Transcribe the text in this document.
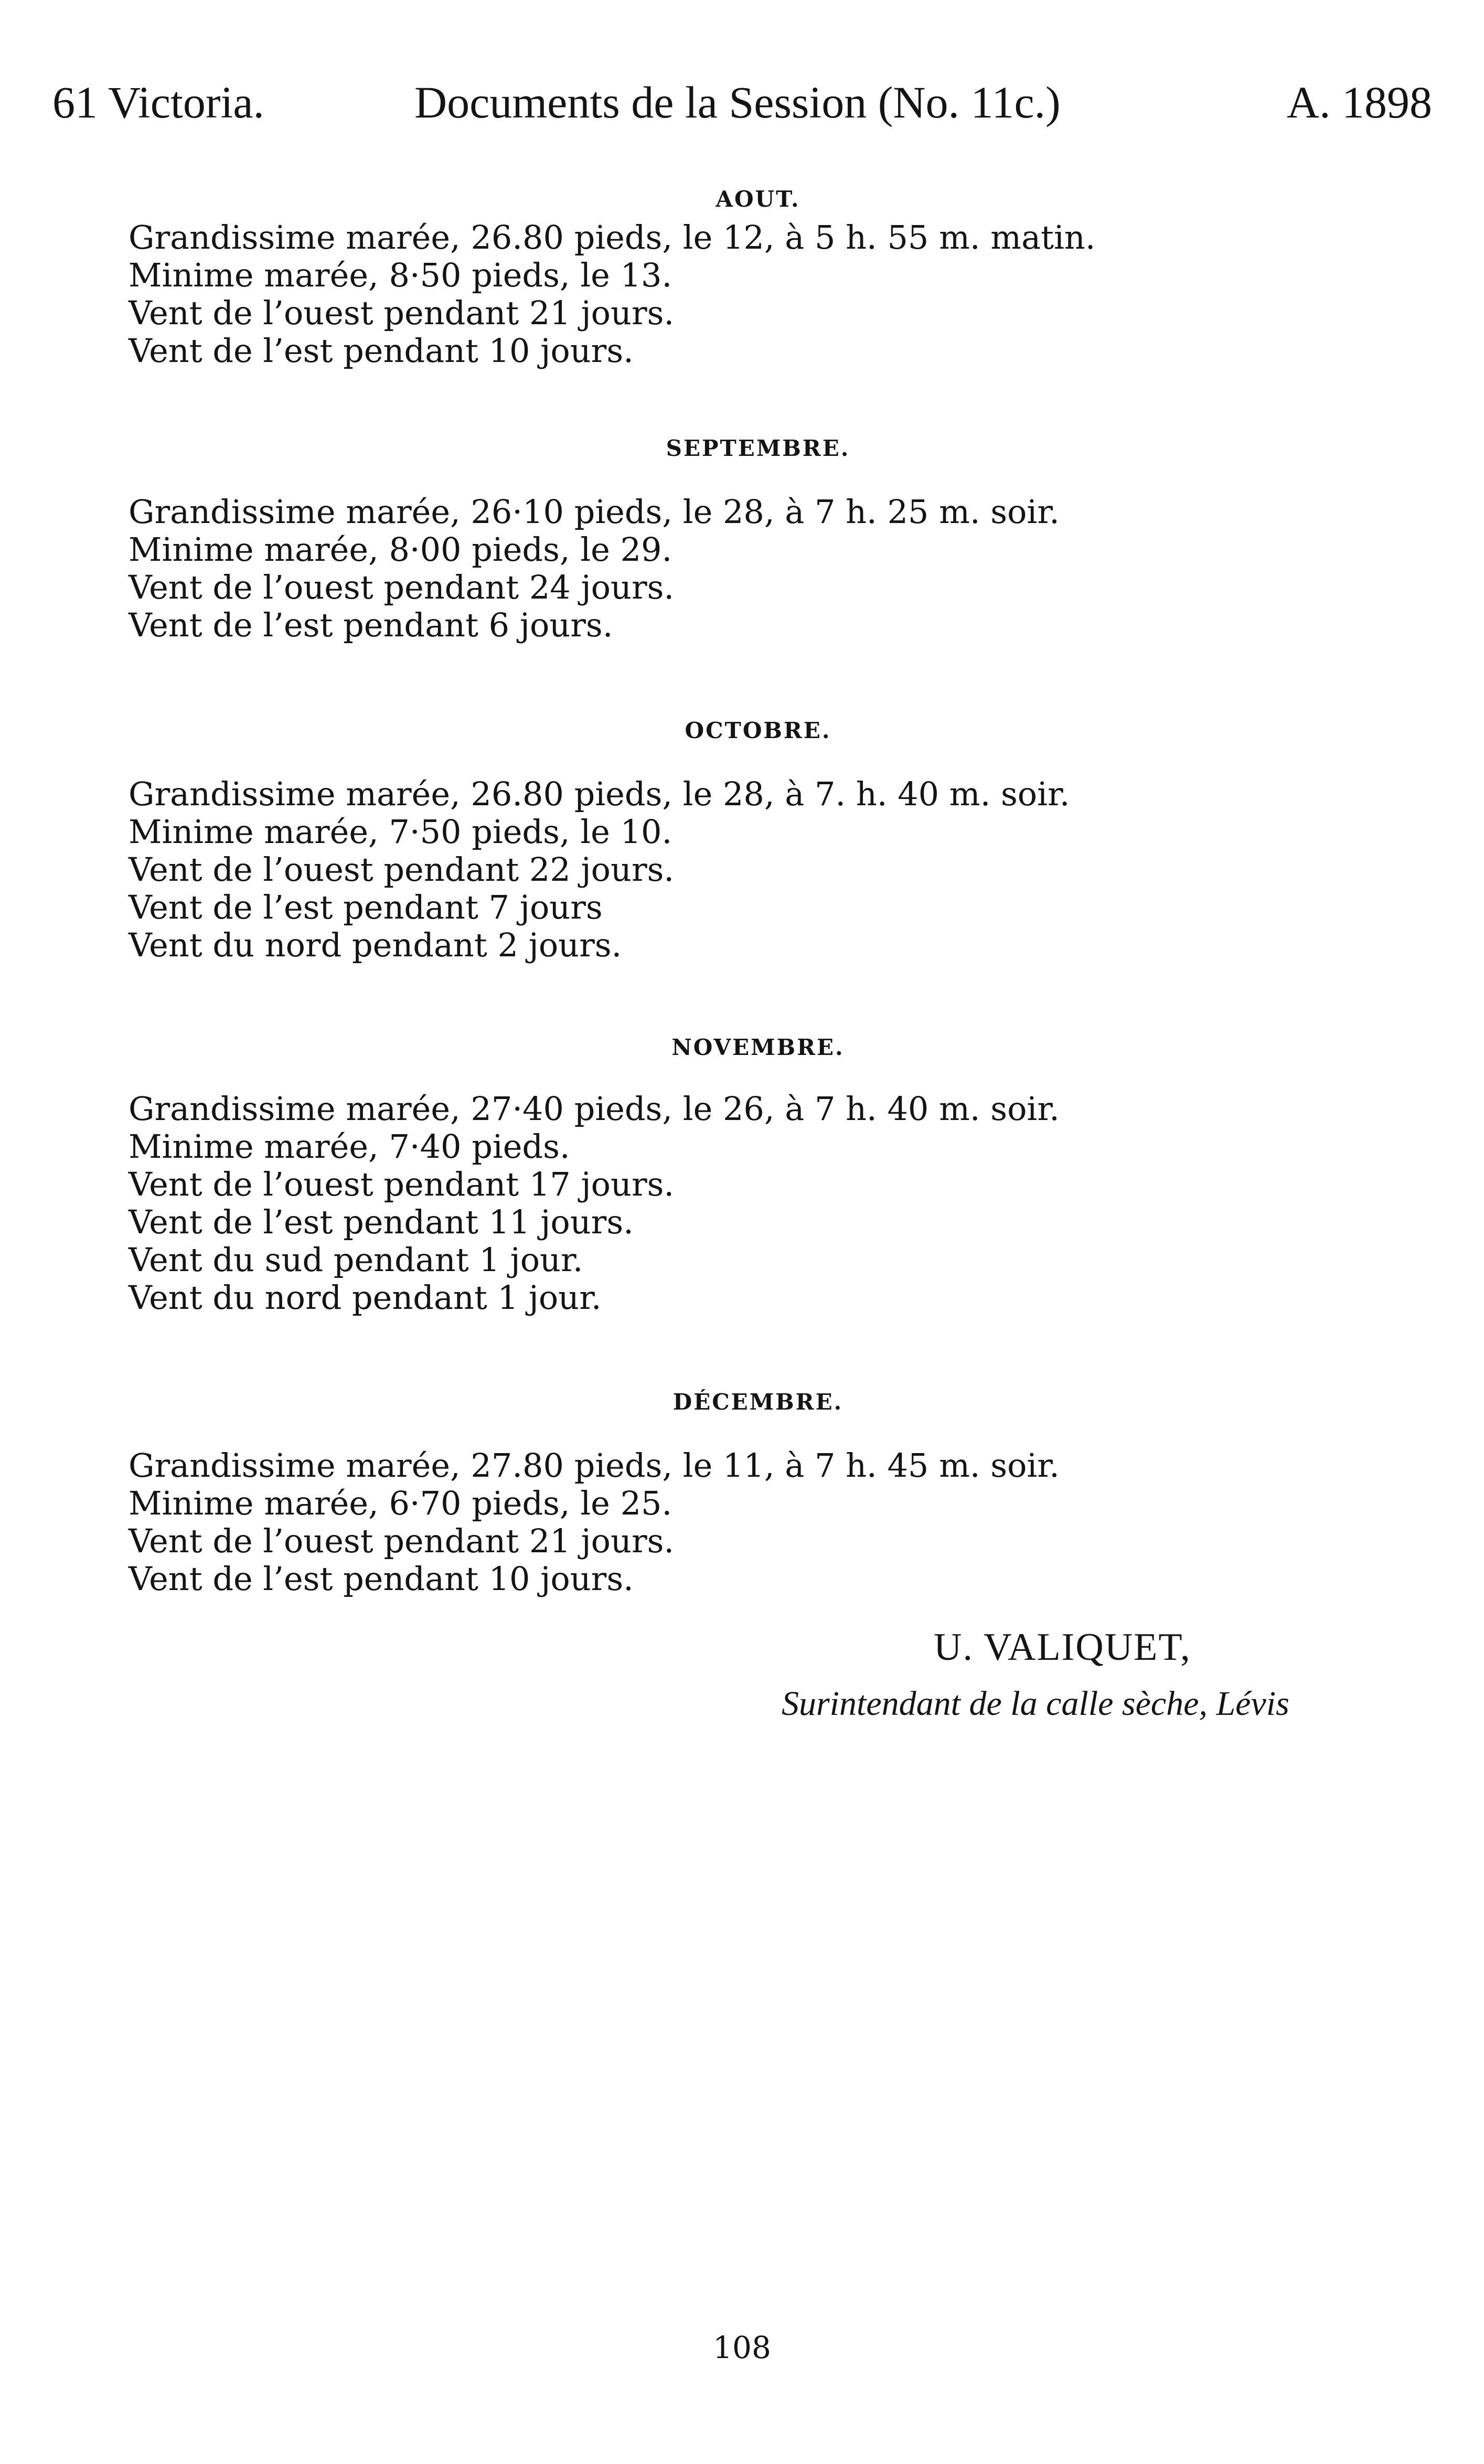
61 Victoria.	Documents de la Session (No. 11c.)	A. 1898
AOUT.
Grandissime marée, 26.80 pieds, le 12, à 5 h. 55 m. matin.
Minime marée, 8·50 pieds, le 13.
Vent de l’ouest pendant 21 jours.
Vent de l’est pendant 10 jours.
SEPTEMBRE.
Grandissime marée, 26·10 pieds, le 28, à 7 h. 25 m. soir.
Minime marée, 8·00 pieds, le 29.
Vent de l’ouest pendant 24 jours.
Vent de l’est pendant 6 jours.
OCTOBRE.
Grandissime marée, 26.80 pieds, le 28, à 7. h. 40 m. soir.
Minime marée, 7·50 pieds, le 10.
Vent de l’ouest pendant 22 jours.
Vent de l’est pendant 7 jours
Vent du nord pendant 2 jours.
NOVEMBRE.
Grandissime marée, 27·40 pieds, le 26, à 7 h. 40 m. soir.
Minime marée, 7·40 pieds.
Vent de l’ouest pendant 17 jours.
Vent de l’est pendant 11 jours.
Vent du sud pendant 1 jour.
Vent du nord pendant 1 jour.
DÉCEMBRE.
Grandissime marée, 27.80 pieds, le 11, à 7 h. 45 m. soir.
Minime marée, 6·70 pieds, le 25.
Vent de l’ouest pendant 21 jours.
Vent de l’est pendant 10 jours.
U. VALIQUET,
Surintendant de la calle sèche, Lévis
108
